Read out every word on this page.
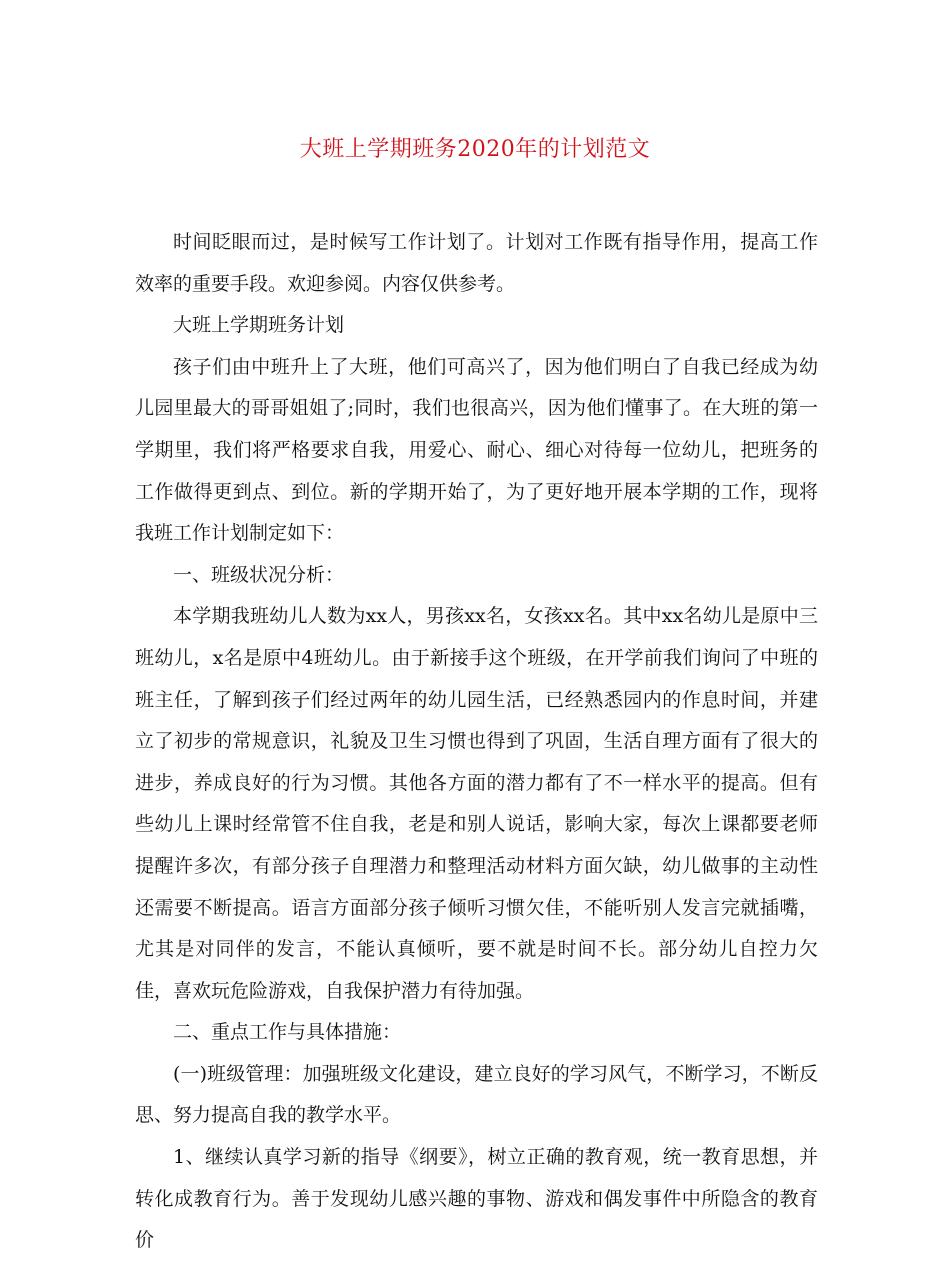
大班上学期班务2020年的计划范文

时间眨眼而过，是时候写工作计划了。计划对工作既有指导作用，提高工作效率的重要手段。欢迎参阅。内容仅供参考。

大班上学期班务计划

孩子们由中班升上了大班，他们可高兴了，因为他们明白了自我已经成为幼儿园里最大的哥哥姐姐了;同时，我们也很高兴，因为他们懂事了。在大班的第一学期里，我们将严格要求自我，用爱心、耐心、细心对待每一位幼儿，把班务的工作做得更到点、到位。新的学期开始了，为了更好地开展本学期的工作，现将我班工作计划制定如下：

一、班级状况分析：

本学期我班幼儿人数为xx人，男孩xx名，女孩xx名。其中xx名幼儿是原中三班幼儿，x名是原中4班幼儿。由于新接手这个班级，在开学前我们询问了中班的班主任，了解到孩子们经过两年的幼儿园生活，已经熟悉园内的作息时间，并建立了初步的常规意识，礼貌及卫生习惯也得到了巩固，生活自理方面有了很大的进步，养成良好的行为习惯。其他各方面的潜力都有了不一样水平的提高。但有些幼儿上课时经常管不住自我，老是和别人说话，影响大家，每次上课都要老师提醒许多次，有部分孩子自理潜力和整理活动材料方面欠缺，幼儿做事的主动性还需要不断提高。语言方面部分孩子倾听习惯欠佳，不能听别人发言完就插嘴，尤其是对同伴的发言，不能认真倾听，要不就是时间不长。部分幼儿自控力欠佳，喜欢玩危险游戏，自我保护潜力有待加强。

二、重点工作与具体措施：

(一)班级管理：加强班级文化建设，建立良好的学习风气，不断学习，不断反思、努力提高自我的教学水平。

1、继续认真学习新的指导《纲要》，树立正确的教育观，统一教育思想，并转化成教育行为。善于发现幼儿感兴趣的事物、游戏和偶发事件中所隐含的教育价
